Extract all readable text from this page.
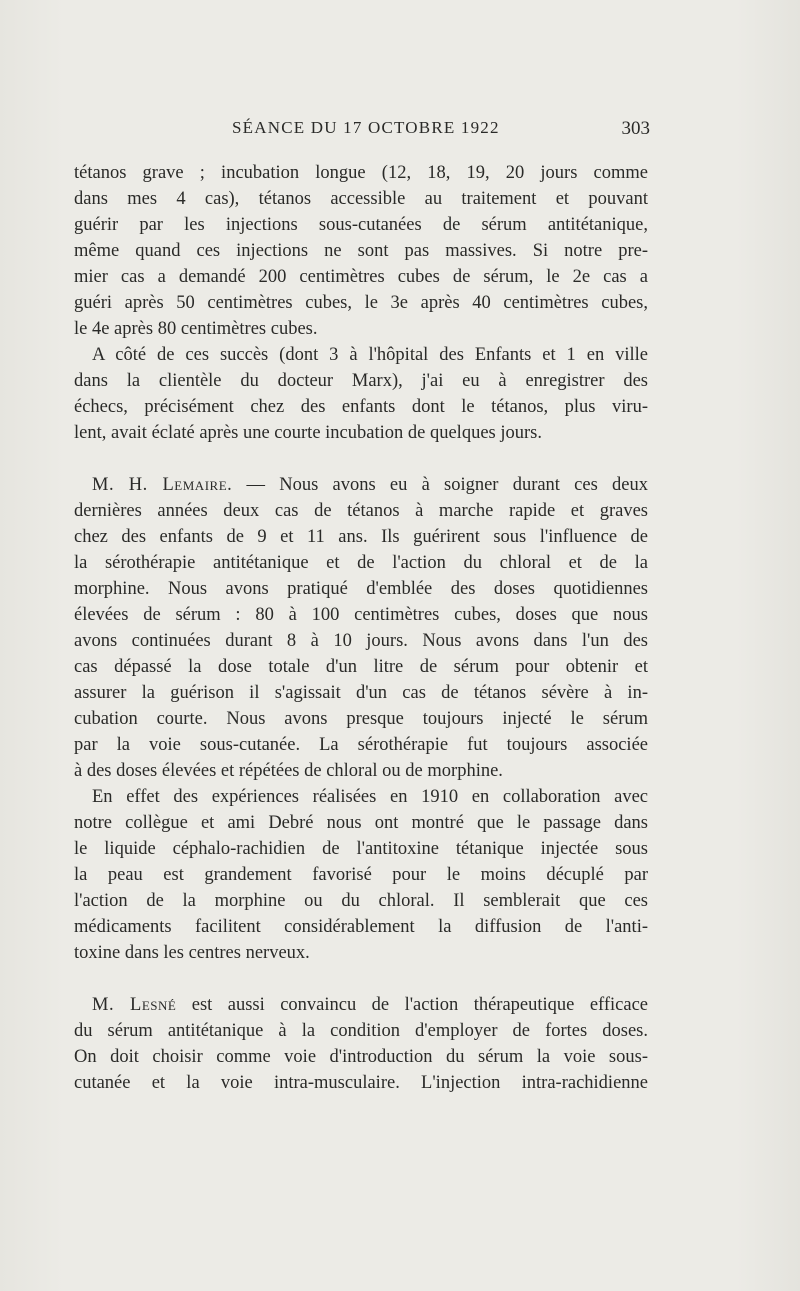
SÉANCE DU 17 OCTOBRE 1922	303
tétanos grave ; incubation longue (12, 18, 19, 20 jours comme
dans mes 4 cas), tétanos accessible au traitement et pouvant
guérir par les injections sous-cutanées de sérum antitétanique,
même quand ces injections ne sont pas massives. Si notre pre-
mier cas a demandé 200 centimètres cubes de sérum, le 2e cas a
guéri après 50 centimètres cubes, le 3e après 40 centimètres cubes,
le 4e après 80 centimètres cubes.
A côté de ces succès (dont 3 à l'hôpital des Enfants et 1 en ville
dans la clientèle du docteur Marx), j'ai eu à enregistrer des
échecs, précisément chez des enfants dont le tétanos, plus viru-
lent, avait éclaté après une courte incubation de quelques jours.
M. H. Lemaire. — Nous avons eu à soigner durant ces deux
dernières années deux cas de tétanos à marche rapide et graves
chez des enfants de 9 et 11 ans. Ils guérirent sous l'influence de
la sérothérapie antitétanique et de l'action du chloral et de la
morphine. Nous avons pratiqué d'emblée des doses quotidiennes
élevées de sérum : 80 à 100 centimètres cubes, doses que nous
avons continuées durant 8 à 10 jours. Nous avons dans l'un des
cas dépassé la dose totale d'un litre de sérum pour obtenir et
assurer la guérison il s'agissait d'un cas de tétanos sévère à in-
cubation courte. Nous avons presque toujours injecté le sérum
par la voie sous-cutanée. La sérothérapie fut toujours associée
à des doses élevées et répétées de chloral ou de morphine.
En effet des expériences réalisées en 1910 en collaboration avec
notre collègue et ami Debré nous ont montré que le passage dans
le liquide céphalo-rachidien de l'antitoxine tétanique injectée sous
la peau est grandement favorisé pour le moins décuplé par
l'action de la morphine ou du chloral. Il semblerait que ces
médicaments facilitent considérablement la diffusion de l'anti-
toxine dans les centres nerveux.
M. Lesné est aussi convaincu de l'action thérapeutique efficace
du sérum antitétanique à la condition d'employer de fortes doses.
On doit choisir comme voie d'introduction du sérum la voie sous-
cutanée et la voie intra-musculaire. L'injection intra-rachidienne
